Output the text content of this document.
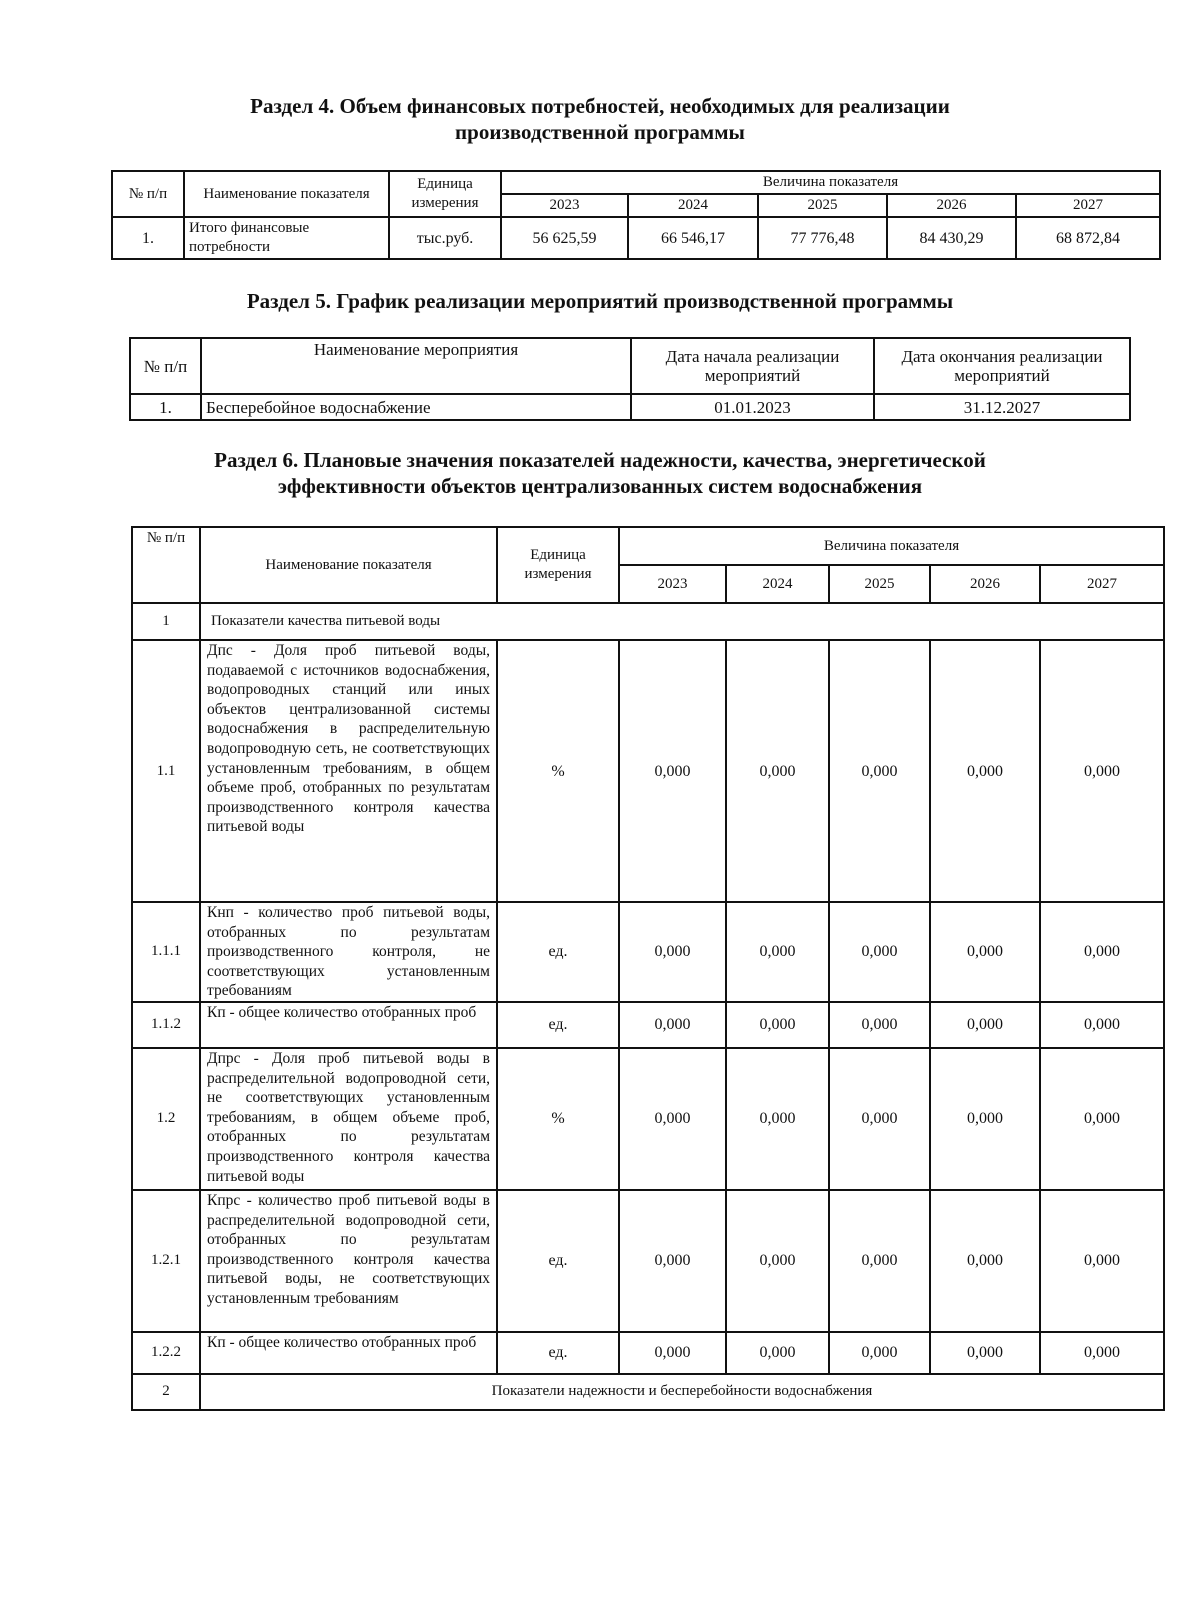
Раздел 4. Объем финансовых потребностей, необходимых для реализации
производственной программы
№ п/п	Наименование показателя	Единица измерения	Величина показателя				
			2023	2024	2025	2026	2027
1.	Итого финансовые потребности	тыс.руб.	56 625,59	66 546,17	77 776,48	84 430,29	68 872,84
Раздел 5. График реализации мероприятий производственной программы
№ п/п	Наименование мероприятия	Дата начала реализации мероприятий	Дата окончания реализации мероприятий
1.	Бесперебойное водоснабжение	01.01.2023	31.12.2027
Раздел 6. Плановые значения показателей надежности, качества, энергетической
эффективности объектов централизованных систем водоснабжения
№ п/п	Наименование показателя	Единица измерения	Величина показателя				
			2023	2024	2025	2026	2027
1	Показатели качества питьевой воды						
1.1	Дпс - Доля проб питьевой воды, подаваемой с источников водоснабжения, водопроводных станций или иных объектов централизованной системы водоснабжения в распределительную водопроводную сеть, не соответствующих установленным требованиям, в общем объеме проб, отобранных по результатам производственного контроля качества питьевой воды	%	0,000	0,000	0,000	0,000	0,000
1.1.1	Кнп - количество проб питьевой воды, отобранных по результатам производственного контроля, не соответствующих установленным требованиям	ед.	0,000	0,000	0,000	0,000	0,000
1.1.2	Кп - общее количество отобранных проб	ед.	0,000	0,000	0,000	0,000	0,000
1.2	Дпрс - Доля проб питьевой воды в распределительной водопроводной сети, не соответствующих установленным требованиям, в общем объеме проб, отобранных по результатам производственного контроля качества питьевой воды	%	0,000	0,000	0,000	0,000	0,000
1.2.1	Кпрс - количество проб питьевой воды в распределительной водопроводной сети, отобранных по результатам производственного контроля качества питьевой воды, не соответствующих установленным требованиям	ед.	0,000	0,000	0,000	0,000	0,000
1.2.2	Кп - общее количество отобранных проб	ед.	0,000	0,000	0,000	0,000	0,000
2	Показатели надежности и бесперебойности водоснабжения						
